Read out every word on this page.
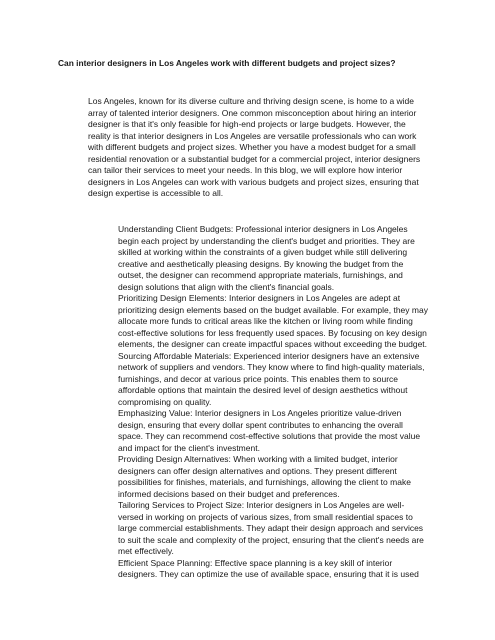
Can interior designers in Los Angeles work with different budgets and project sizes?

Los Angeles, known for its diverse culture and thriving design scene, is home to a wide array of talented interior designers. One common misconception about hiring an interior designer is that it's only feasible for high-end projects or large budgets. However, the reality is that interior designers in Los Angeles are versatile professionals who can work with different budgets and project sizes. Whether you have a modest budget for a small residential renovation or a substantial budget for a commercial project, interior designers can tailor their services to meet your needs. In this blog, we will explore how interior designers in Los Angeles can work with various budgets and project sizes, ensuring that design expertise is accessible to all.

Understanding Client Budgets: Professional interior designers in Los Angeles begin each project by understanding the client's budget and priorities. They are skilled at working within the constraints of a given budget while still delivering creative and aesthetically pleasing designs. By knowing the budget from the outset, the designer can recommend appropriate materials, furnishings, and design solutions that align with the client's financial goals.
Prioritizing Design Elements: Interior designers in Los Angeles are adept at prioritizing design elements based on the budget available. For example, they may allocate more funds to critical areas like the kitchen or living room while finding cost-effective solutions for less frequently used spaces. By focusing on key design elements, the designer can create impactful spaces without exceeding the budget.
Sourcing Affordable Materials: Experienced interior designers have an extensive network of suppliers and vendors. They know where to find high-quality materials, furnishings, and decor at various price points. This enables them to source affordable options that maintain the desired level of design aesthetics without compromising on quality.
Emphasizing Value: Interior designers in Los Angeles prioritize value-driven design, ensuring that every dollar spent contributes to enhancing the overall space. They can recommend cost-effective solutions that provide the most value and impact for the client's investment.
Providing Design Alternatives: When working with a limited budget, interior designers can offer design alternatives and options. They present different possibilities for finishes, materials, and furnishings, allowing the client to make informed decisions based on their budget and preferences.
Tailoring Services to Project Size: Interior designers in Los Angeles are well-versed in working on projects of various sizes, from small residential spaces to large commercial establishments. They adapt their design approach and services to suit the scale and complexity of the project, ensuring that the client's needs are met effectively.
Efficient Space Planning: Effective space planning is a key skill of interior designers. They can optimize the use of available space, ensuring that it is used
